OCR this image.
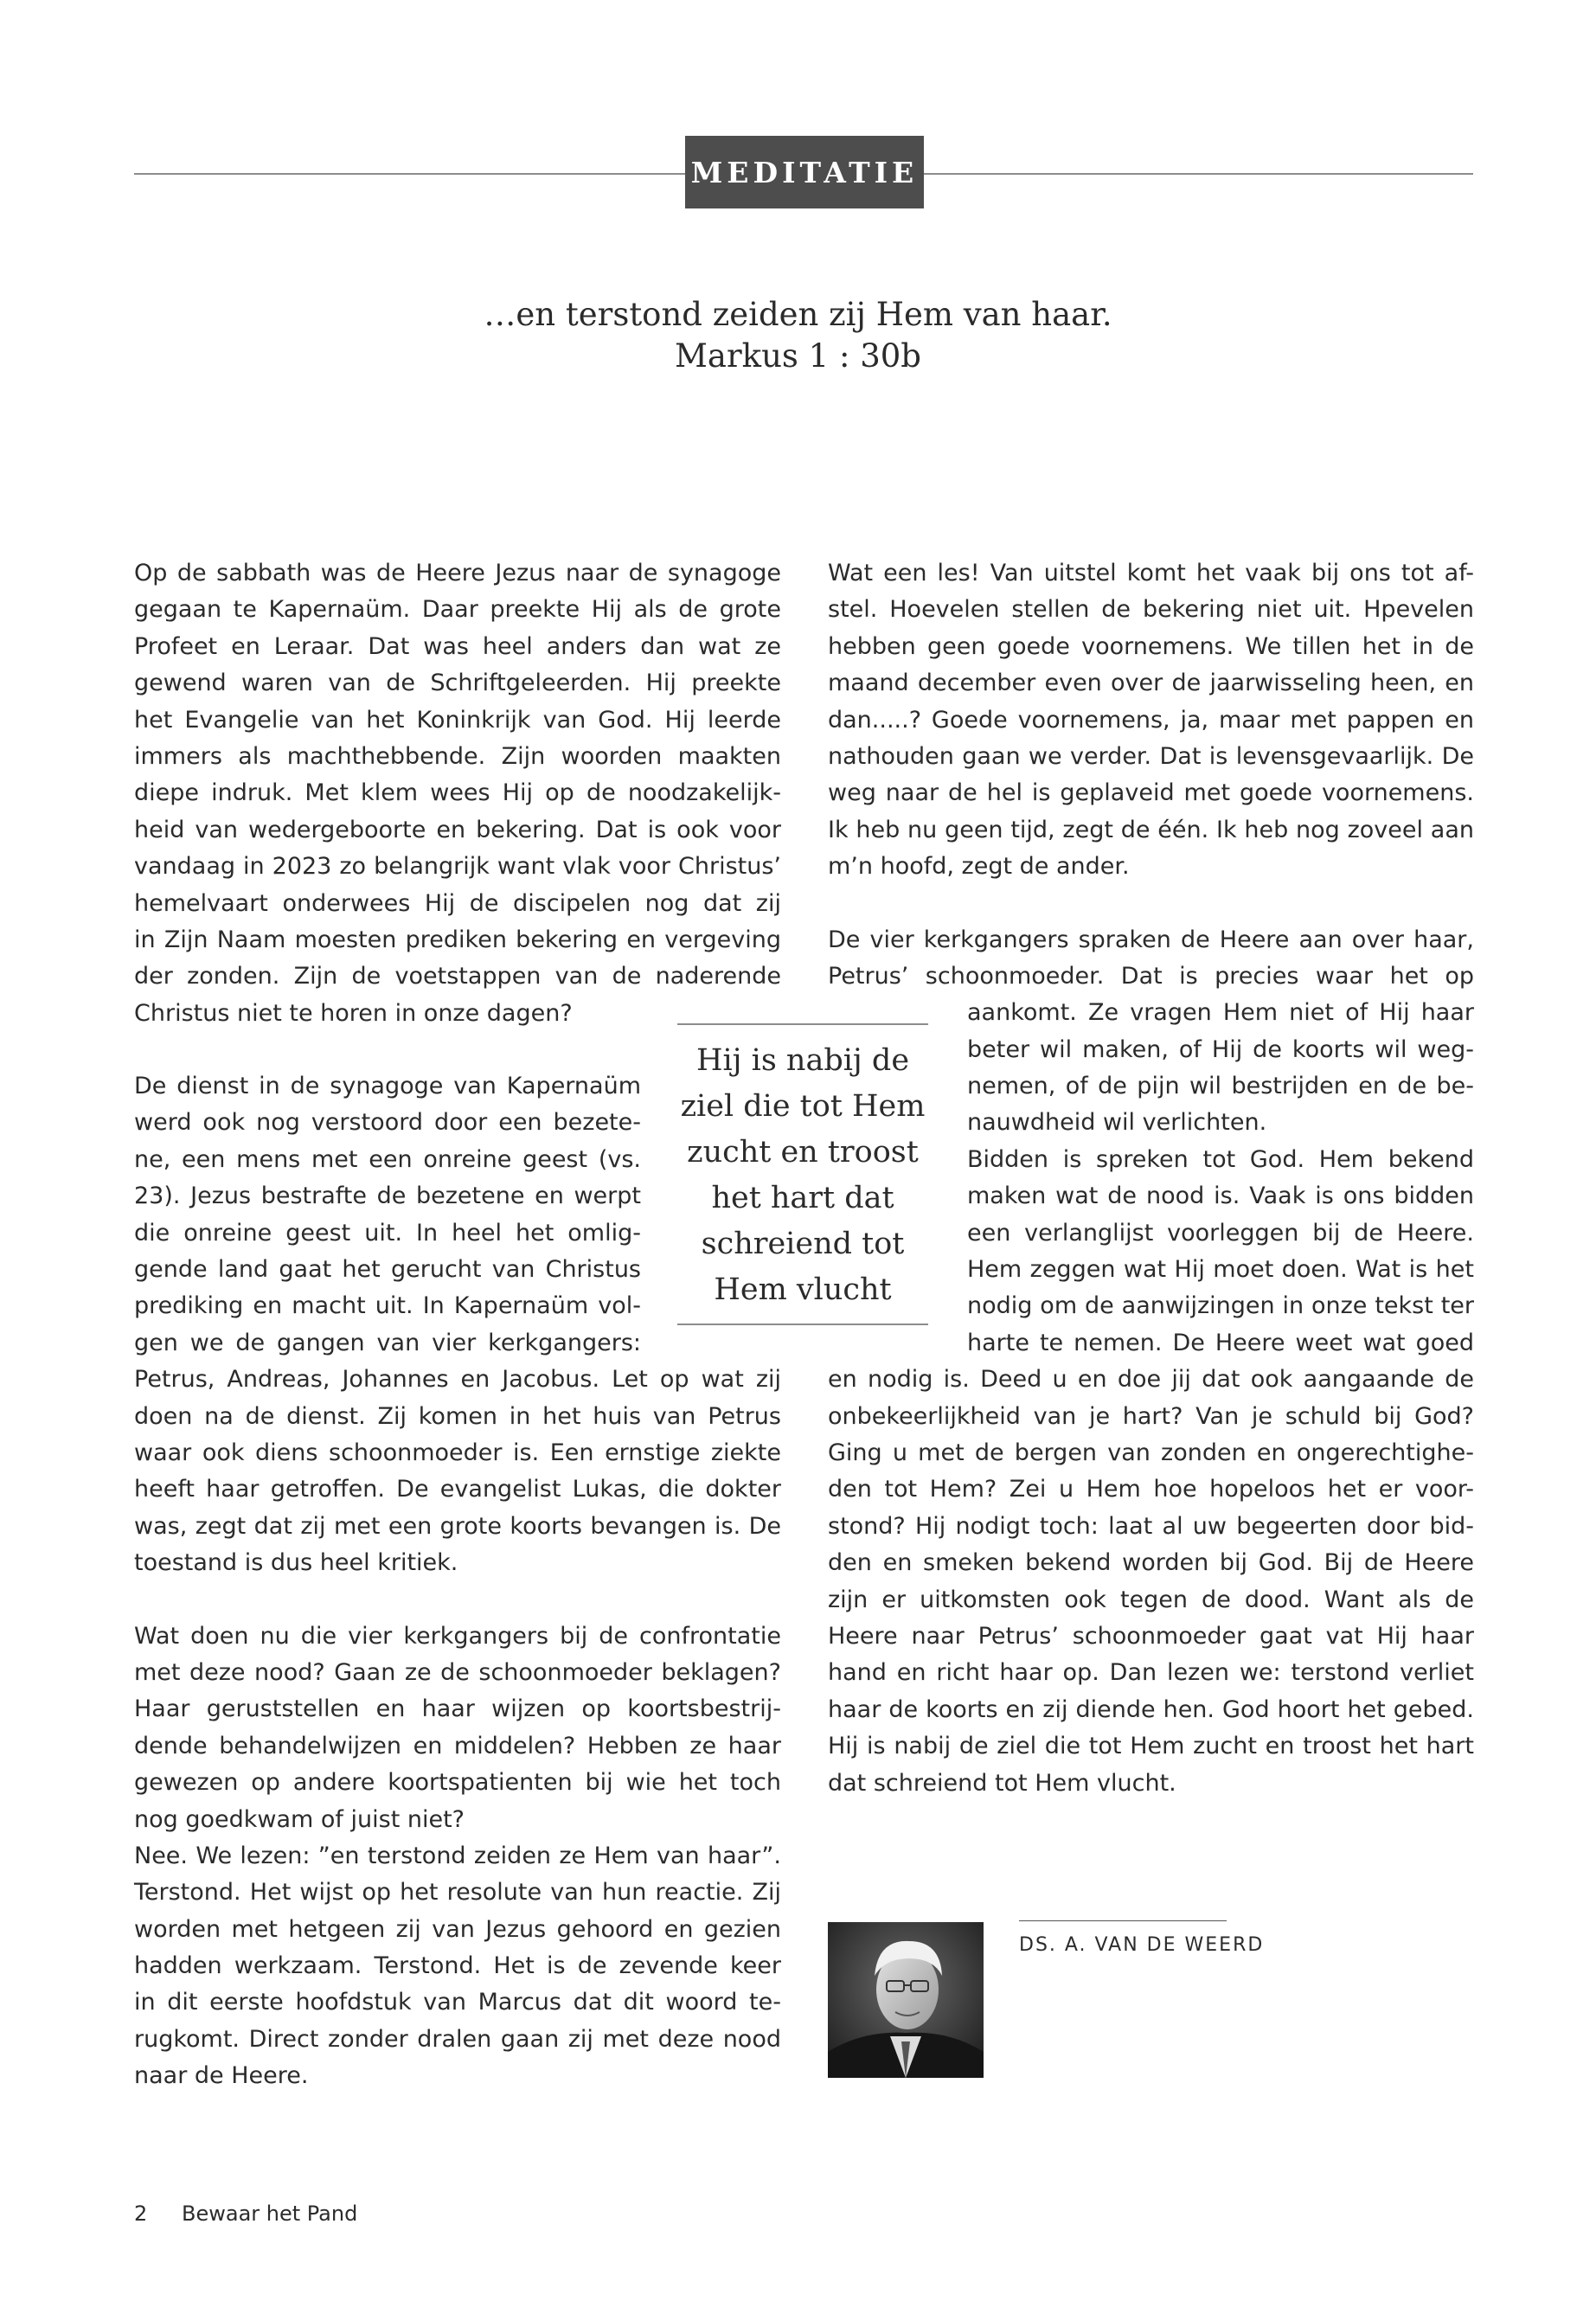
MEDITATIE
…en terstond zeiden zij Hem van haar.
Markus 1 : 30b
Op de sabbath was de Heere Jezus naar de synagoge
gegaan te Kapernaüm. Daar preekte Hij als de grote
Profeet en Leraar. Dat was heel anders dan wat ze
gewend waren van de Schriftgeleerden. Hij preekte
het Evangelie van het Koninkrijk van God. Hij leerde
immers als machthebbende. Zijn woorden maakten
diepe indruk. Met klem wees Hij op de noodzakelijk-
heid van wedergeboorte en bekering. Dat is ook voor
vandaag in 2023 zo belangrijk want vlak voor Christus’
hemelvaart onderwees Hij de discipelen nog dat zij
in Zijn Naam moesten prediken bekering en vergeving
der zonden. Zijn de voetstappen van de naderende
Christus niet te horen in onze dagen?
De dienst in de synagoge van Kapernaüm
werd ook nog verstoord door een bezete-
ne, een mens met een onreine geest (vs.
23). Jezus bestrafte de bezetene en werpt
die onreine geest uit. In heel het omlig-
gende land gaat het gerucht van Christus
prediking en macht uit. In Kapernaüm vol-
gen we de gangen van vier kerkgangers:
Petrus, Andreas, Johannes en Jacobus. Let op wat zij
doen na de dienst. Zij komen in het huis van Petrus
waar ook diens schoonmoeder is. Een ernstige ziekte
heeft haar getroffen. De evangelist Lukas, die dokter
was, zegt dat zij met een grote koorts bevangen is. De
toestand is dus heel kritiek.
Wat doen nu die vier kerkgangers bij de confrontatie
met deze nood? Gaan ze de schoonmoeder beklagen?
Haar geruststellen en haar wijzen op koortsbestrij-
dende behandelwijzen en middelen? Hebben ze haar
gewezen op andere koortspatienten bij wie het toch
nog goedkwam of juist niet?
Nee. We lezen: ”en terstond zeiden ze Hem van haar”.
Terstond. Het wijst op het resolute van hun reactie. Zij
worden met hetgeen zij van Jezus gehoord en gezien
hadden werkzaam. Terstond. Het is de zevende keer
in dit eerste hoofdstuk van Marcus dat dit woord te-
rugkomt. Direct zonder dralen gaan zij met deze nood
naar de Heere.
Wat een les! Van uitstel komt het vaak bij ons tot af-
stel. Hoevelen stellen de bekering niet uit. Hpevelen
hebben geen goede voornemens. We tillen het in de
maand december even over de jaarwisseling heen, en
dan.....? Goede voornemens, ja, maar met pappen en
nathouden gaan we verder. Dat is levensgevaarlijk. De
weg naar de hel is geplaveid met goede voornemens.
Ik heb nu geen tijd, zegt de één. Ik heb nog zoveel aan
m’n hoofd, zegt de ander.
De vier kerkgangers spraken de Heere aan over haar,
Petrus’ schoonmoeder. Dat is precies waar het op
aankomt. Ze vragen Hem niet of Hij haar
beter wil maken, of Hij de koorts wil weg-
nemen, of de pijn wil bestrijden en de be-
nauwdheid wil verlichten.
Bidden is spreken tot God. Hem bekend
maken wat de nood is. Vaak is ons bidden
een verlanglijst voorleggen bij de Heere.
Hem zeggen wat Hij moet doen. Wat is het
nodig om de aanwijzingen in onze tekst ter
harte te nemen. De Heere weet wat goed
en nodig is. Deed u en doe jij dat ook aangaande de
onbekeerlijkheid van je hart? Van je schuld bij God?
Ging u met de bergen van zonden en ongerechtighe-
den tot Hem? Zei u Hem hoe hopeloos het er voor-
stond? Hij nodigt toch: laat al uw begeerten door bid-
den en smeken bekend worden bij God. Bij de Heere
zijn er uitkomsten ook tegen de dood. Want als de
Heere naar Petrus’ schoonmoeder gaat vat Hij haar
hand en richt haar op. Dan lezen we: terstond verliet
haar de koorts en zij diende hen. God hoort het gebed.
Hij is nabij de ziel die tot Hem zucht en troost het hart
dat schreiend tot Hem vlucht.
Hij is nabij de
ziel die tot Hem
zucht en troost
het hart dat
schreiend tot
Hem vlucht
DS. A. VAN DE WEERD
2 Bewaar het Pand
